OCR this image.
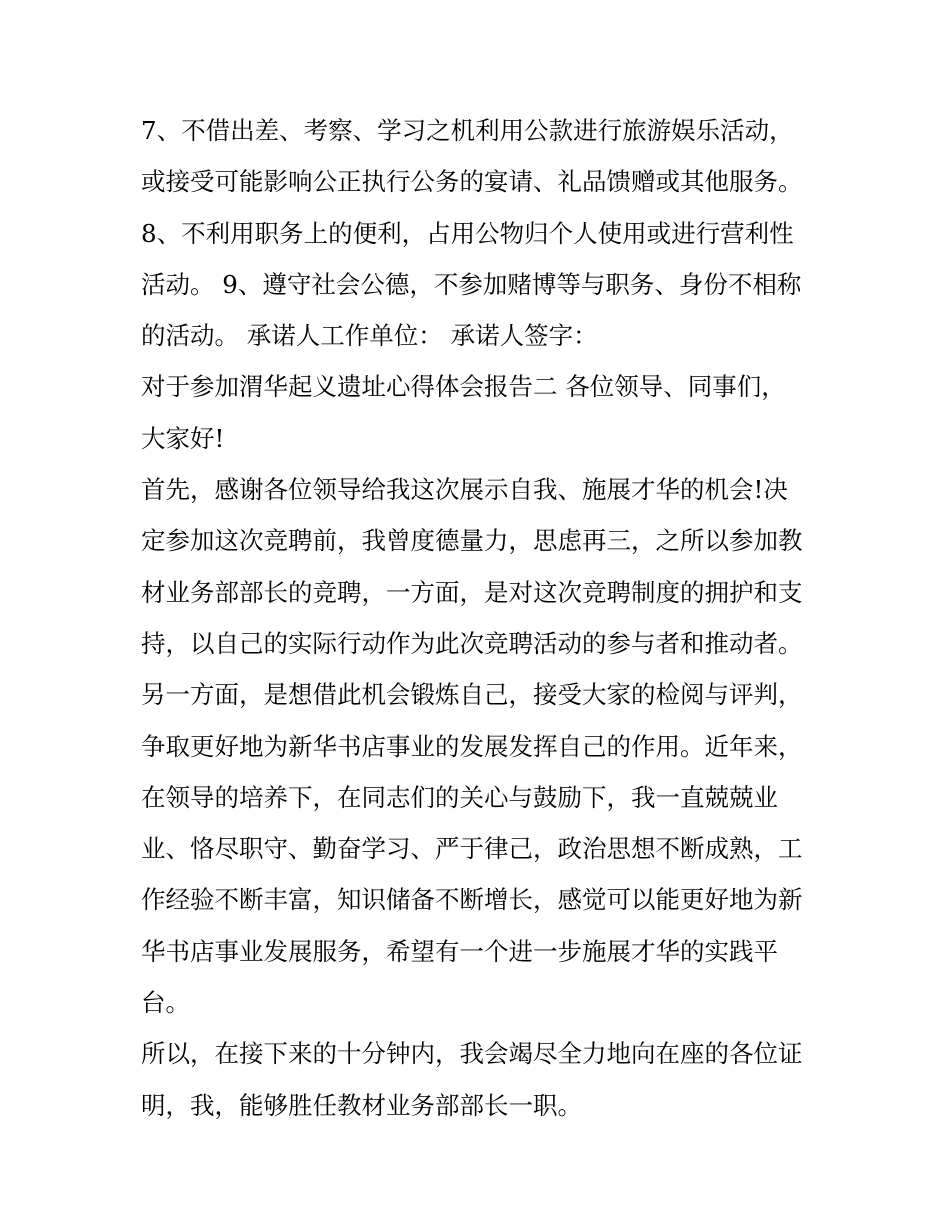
7、不借出差、考察、学习之机利用公款进行旅游娱乐活动，
或接受可能影响公正执行公务的宴请、礼品馈赠或其他服务。
8、不利用职务上的便利，占用公物归个人使用或进行营利性
活动。 9、遵守社会公德，不参加赌博等与职务、身份不相称
的活动。 承诺人工作单位： 承诺人签字：
对于参加渭华起义遗址心得体会报告二 各位领导、同事们，
大家好!
首先，感谢各位领导给我这次展示自我、施展才华的机会!决
定参加这次竞聘前，我曾度德量力，思虑再三，之所以参加教
材业务部部长的竞聘，一方面，是对这次竞聘制度的拥护和支
持，以自己的实际行动作为此次竞聘活动的参与者和推动者。
另一方面，是想借此机会锻炼自己，接受大家的检阅与评判，
争取更好地为新华书店事业的发展发挥自己的作用。近年来，
在领导的培养下，在同志们的关心与鼓励下，我一直兢兢业
业、恪尽职守、勤奋学习、严于律己，政治思想不断成熟，工
作经验不断丰富，知识储备不断增长，感觉可以能更好地为新
华书店事业发展服务，希望有一个进一步施展才华的实践平
台。
所以，在接下来的十分钟内，我会竭尽全力地向在座的各位证
明，我，能够胜任教材业务部部长一职。
